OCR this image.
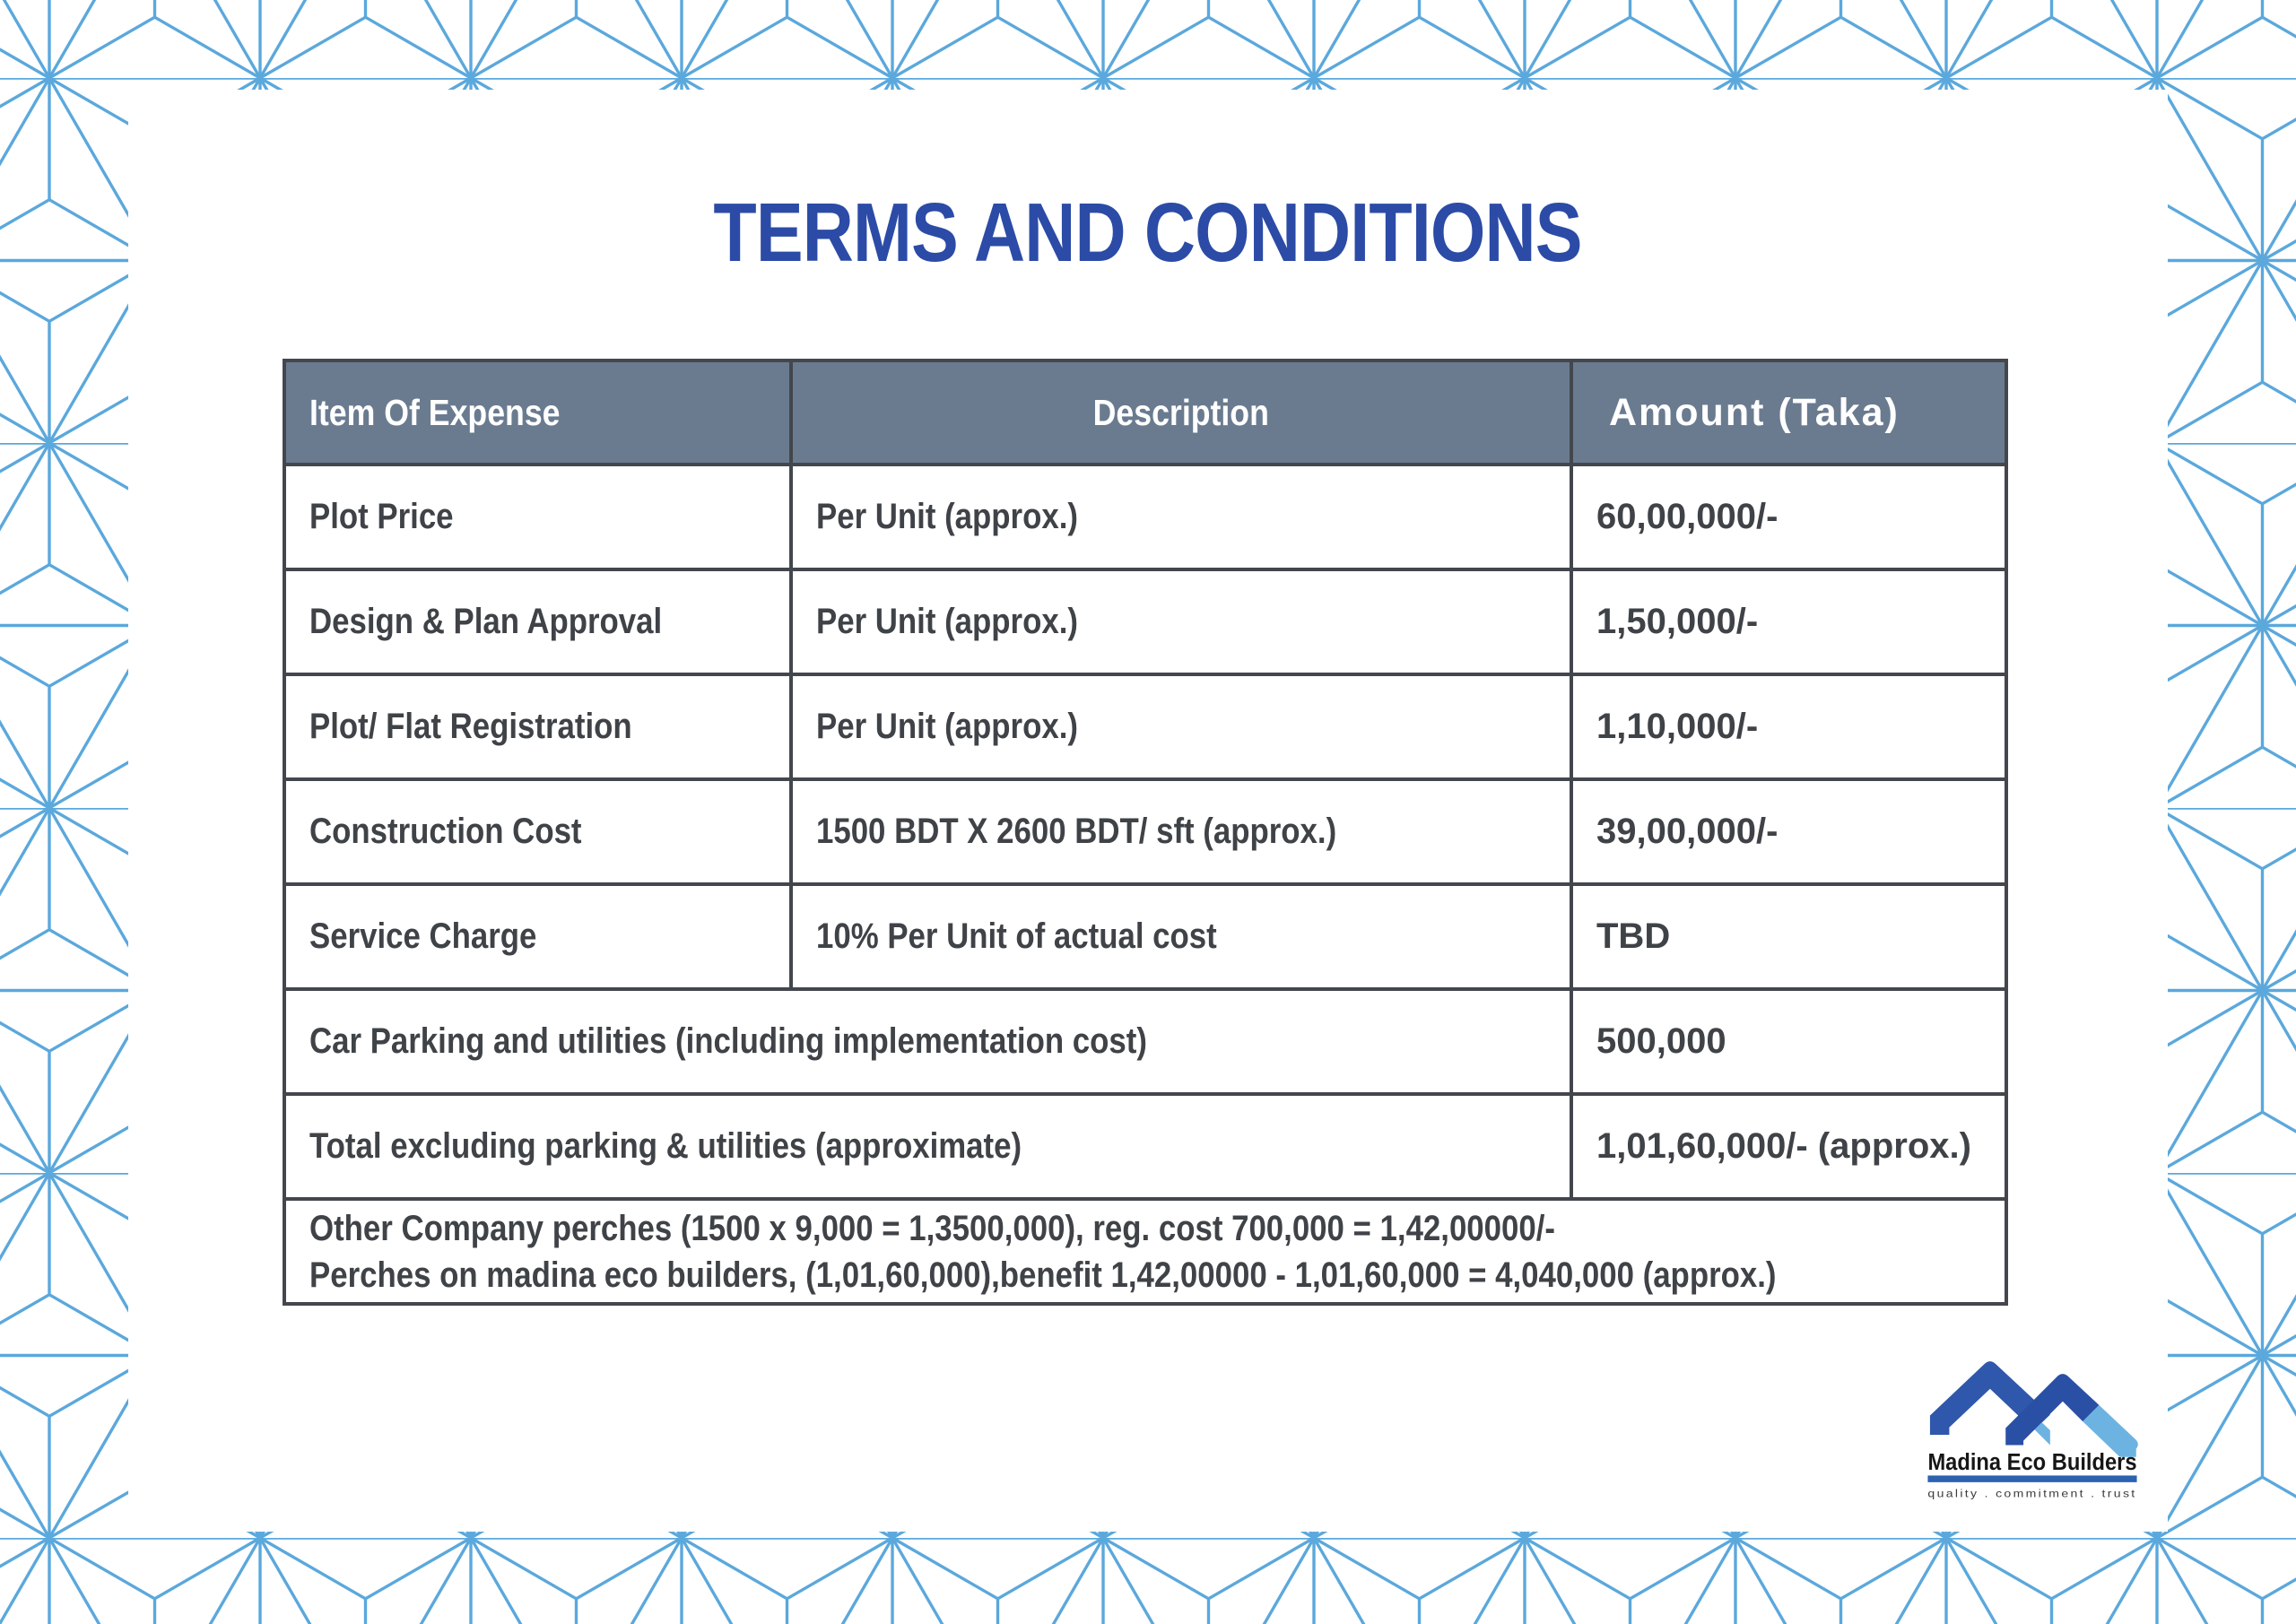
TERMS AND CONDITIONS
Item Of Expense	Description	Amount (Taka)
Plot Price	Per Unit (approx.)	60,00,000/-
Design & Plan Approval	Per Unit (approx.)	1,50,000/-
Plot/ Flat Registration	Per Unit (approx.)	1,10,000/-
Construction Cost	1500 BDT X 2600 BDT/ sft (approx.)	39,00,000/-
Service Charge	10% Per Unit of actual cost	TBD
Car Parking and utilities (including implementation cost)		500,000
Total excluding parking & utilities (approximate)		1,01,60,000/- (approx.)

Other Company perches (1500 x 9,000 = 1,3500,000), reg. cost 700,000 = 1,42,00000/-
Perches on madina eco builders, (1,01,60,000),benefit 1,42,00000 - 1,01,60,000 = 4,040,000 (approx.)		
Madina Eco Builders
quality . commitment . trust
